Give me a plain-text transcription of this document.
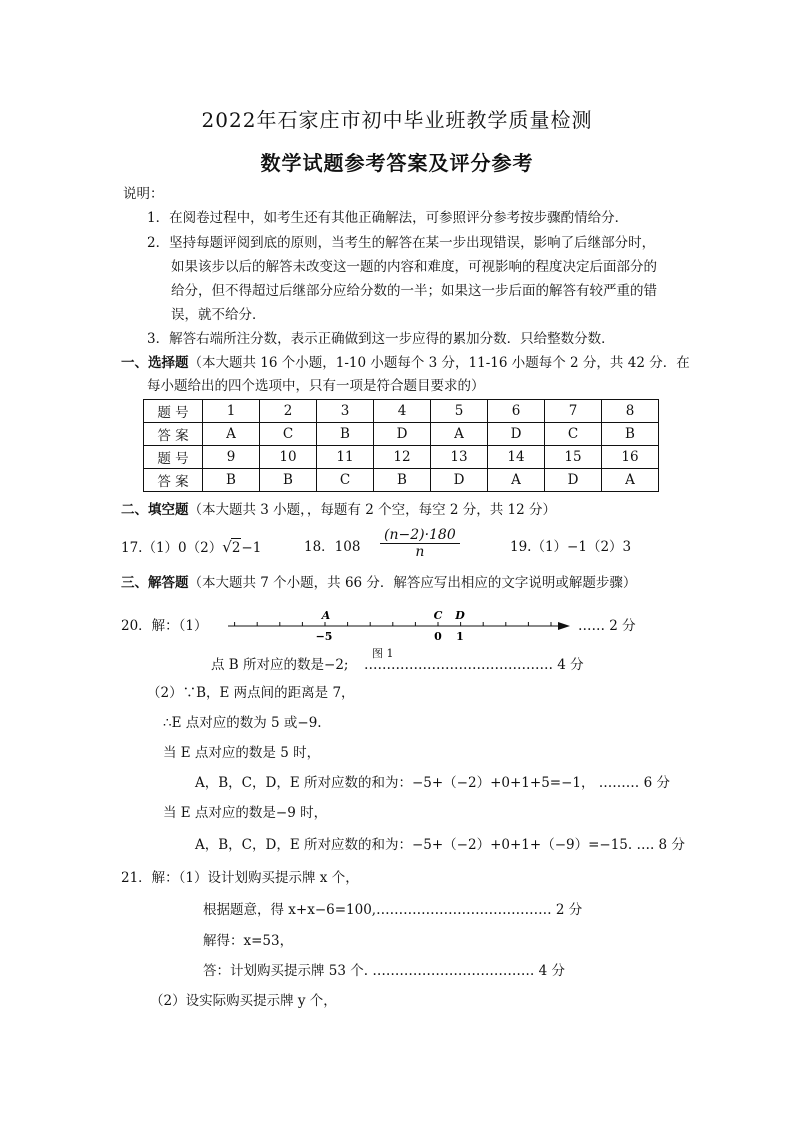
2022年石家庄市初中毕业班教学质量检测
数学试题参考答案及评分参考
说明：
1．在阅卷过程中，如考生还有其他正确解法，可参照评分参考按步骤酌情给分．
2．坚持每题评阅到底的原则，当考生的解答在某一步出现错误，影响了后继部分时，
如果该步以后的解答未改变这一题的内容和难度，可视影响的程度决定后面部分的
给分，但不得超过后继部分应给分数的一半；如果这一步后面的解答有较严重的错
误，就不给分．
3．解答右端所注分数，表示正确做到这一步应得的累加分数．只给整数分数．
一、选择题（本大题共 16 个小题，1-10 小题每个 3 分，11-16 小题每个 2 分，共 42 分．在
每小题给出的四个选项中，只有一项是符合题目要求的）
题 号	1	2	3	4	5	6	7	8
答 案	A	C	B	D	A	D	C	B
题 号	9	10	11	12	13	14	15	16
答 案	B	B	C	B	D	A	D	A
二、填空题（本大题共 3 小题，，每题有 2 个空，每空 2 分，共 12 分）
17.（1）0（2）√2−1	18．$108 \frac{(n-2)\cdot 180}{n}$	19.（1）−1（2）3
三、解答题（本大题共 7 个小题，共 66 分．解答应写出相应的文字说明或解题步骤）
20．解：（1）
A	C D
−5	0 1
图 1
…… 2 分
点 B 所对应的数是−2; …………………………………… 4 分
（2）∵B，E 两点间的距离是 7，
∴E 点对应的数为 5 或−9.
当 E 点对应的数是 5 时，
A，B，C，D，E 所对应数的和为：−5+（−2）+0+1+5=−1， ……… 6 分
当 E 点对应的数是−9 时，
A，B，C，D，E 所对应数的和为：−5+（−2）+0+1+（−9）=−15. …. 8 分
21．解：（1）设计划购买提示牌 x 个，
根据题意，得 x+x−6=100,………………………………… 2 分
解得：x=53，
答：计划购买提示牌 53 个. ……………………………… 4 分
（2）设实际购买提示牌 y 个，
